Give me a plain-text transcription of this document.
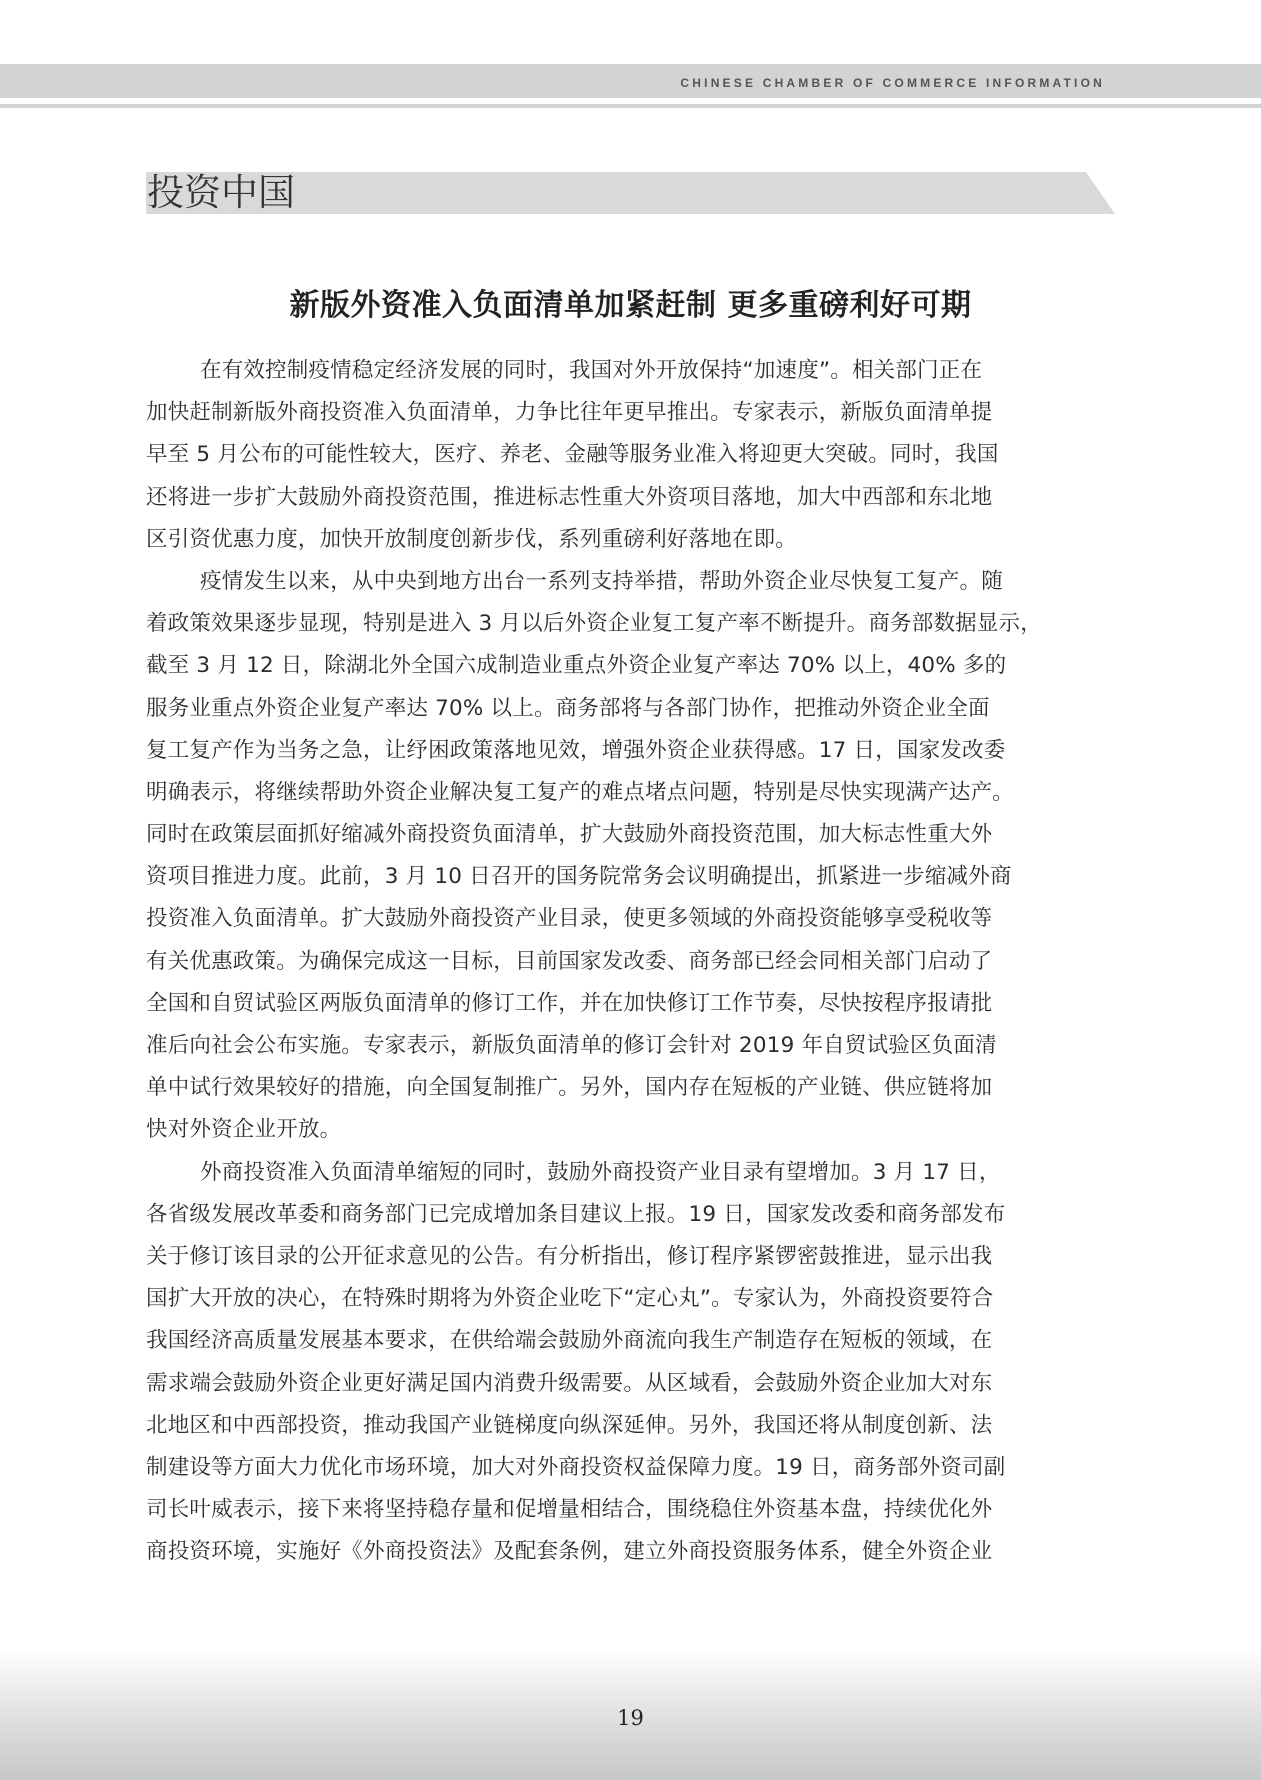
CHINESE CHAMBER OF COMMERCE INFORMATION
投资中国
新版外资准入负面清单加紧赶制 更多重磅利好可期
在有效控制疫情稳定经济发展的同时，我国对外开放保持“加速度”。相关部门正在
加快赶制新版外商投资准入负面清单，力争比往年更早推出。专家表示，新版负面清单提
早至 5 月公布的可能性较大，医疗、养老、金融等服务业准入将迎更大突破。同时，我国
还将进一步扩大鼓励外商投资范围，推进标志性重大外资项目落地，加大中西部和东北地
区引资优惠力度，加快开放制度创新步伐，系列重磅利好落地在即。
疫情发生以来，从中央到地方出台一系列支持举措，帮助外资企业尽快复工复产。随
着政策效果逐步显现，特别是进入 3 月以后外资企业复工复产率不断提升。商务部数据显示，
截至 3 月 12 日，除湖北外全国六成制造业重点外资企业复产率达 70% 以上，40% 多的
服务业重点外资企业复产率达 70% 以上。商务部将与各部门协作，把推动外资企业全面
复工复产作为当务之急，让纾困政策落地见效，增强外资企业获得感。17 日，国家发改委
明确表示，将继续帮助外资企业解决复工复产的难点堵点问题，特别是尽快实现满产达产。
同时在政策层面抓好缩减外商投资负面清单，扩大鼓励外商投资范围，加大标志性重大外
资项目推进力度。此前，3 月 10 日召开的国务院常务会议明确提出，抓紧进一步缩减外商
投资准入负面清单。扩大鼓励外商投资产业目录，使更多领域的外商投资能够享受税收等
有关优惠政策。为确保完成这一目标，目前国家发改委、商务部已经会同相关部门启动了
全国和自贸试验区两版负面清单的修订工作，并在加快修订工作节奏，尽快按程序报请批
准后向社会公布实施。专家表示，新版负面清单的修订会针对 2019 年自贸试验区负面清
单中试行效果较好的措施，向全国复制推广。另外，国内存在短板的产业链、供应链将加
快对外资企业开放。
外商投资准入负面清单缩短的同时，鼓励外商投资产业目录有望增加。3 月 17 日，
各省级发展改革委和商务部门已完成增加条目建议上报。19 日，国家发改委和商务部发布
关于修订该目录的公开征求意见的公告。有分析指出，修订程序紧锣密鼓推进，显示出我
国扩大开放的决心，在特殊时期将为外资企业吃下“定心丸”。专家认为，外商投资要符合
我国经济高质量发展基本要求，在供给端会鼓励外商流向我生产制造存在短板的领域，在
需求端会鼓励外资企业更好满足国内消费升级需要。从区域看，会鼓励外资企业加大对东
北地区和中西部投资，推动我国产业链梯度向纵深延伸。另外，我国还将从制度创新、法
制建设等方面大力优化市场环境，加大对外商投资权益保障力度。19 日，商务部外资司副
司长叶威表示，接下来将坚持稳存量和促增量相结合，围绕稳住外资基本盘，持续优化外
商投资环境，实施好《外商投资法》及配套条例，建立外商投资服务体系，健全外资企业
19
